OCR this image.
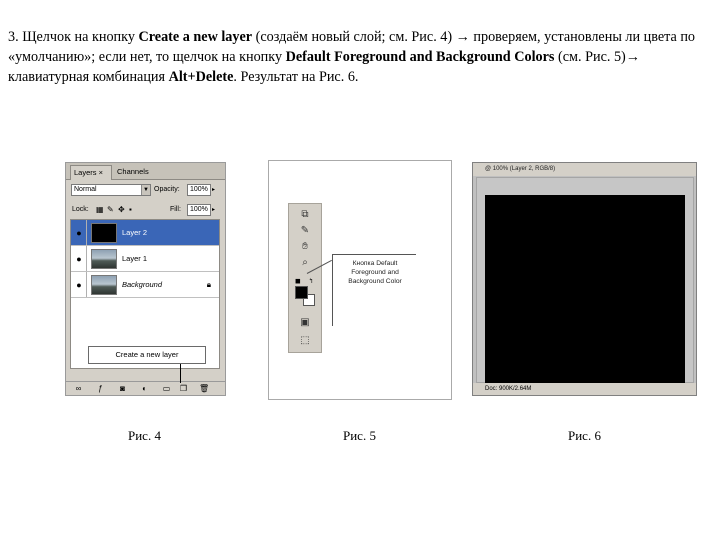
3. Щелчок на кнопку Create a new layer (создаём новый слой; см. Рис. 4) → проверяем, установлены ли цвета по «умолчанию»; если нет, то щелчок на кнопку Default Foreground and Background Colors (см. Рис. 5)→ клавиатурная комбинация Alt+Delete. Результат на Рис. 6.
Layers ×	Channels
Normal	▼ Opacity:	100% ▸
Lock: ▦ ✎ ✥ ▪	Fill:	100% ▸
●	Layer 2
●	Layer 1
●	Background	🔒︎
∞ ƒ ◙ ◐ ▭ ❐ 🗑︎
Create a new layer
⧉
✎
✋︎
⌕
◼ ↰
▣
⬚
Кнопка Default
Foreground and
Background Color
@ 100% (Layer 2, RGB/8)
Doc: 900K/2.64M
Рис. 4	Рис. 5	Рис. 6
